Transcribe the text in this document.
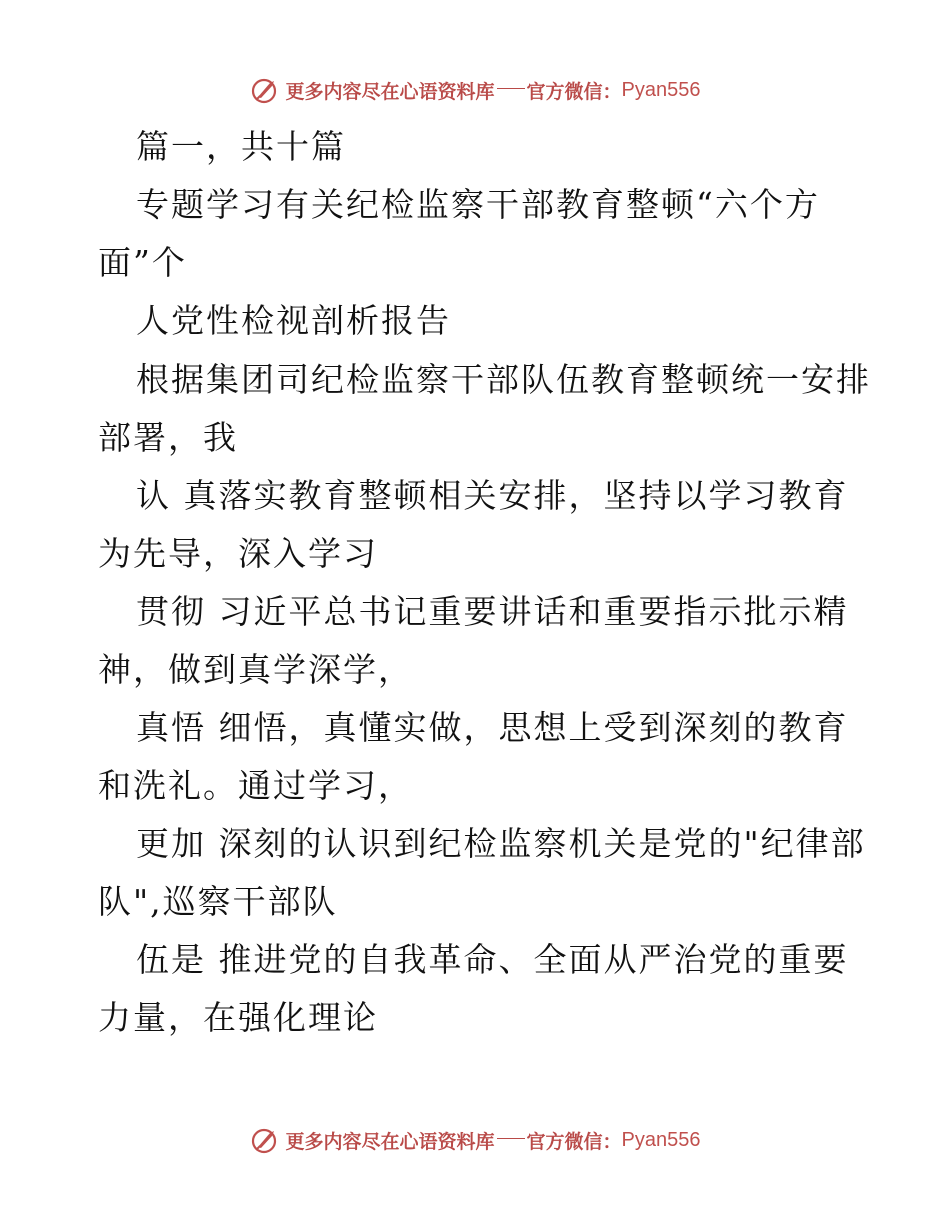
更多内容尽在心语资料库 官方微信： Pyan556
篇一，共十篇
专题学习有关纪检监察干部教育整顿“六个方
面”个
人党性检视剖析报告
根据集团司纪检监察干部队伍教育整顿统一安排
部署，我
认 真落实教育整顿相关安排，坚持以学习教育
为先导，深入学习
贯彻 习近平总书记重要讲话和重要指示批示精
神，做到真学深学，
真悟 细悟，真懂实做，思想上受到深刻的教育
和洗礼。通过学习，
更加 深刻的认识到纪检监察机关是党的"纪律部
队",巡察干部队
伍是 推进党的自我革命、全面从严治党的重要
力量，在强化理论
更多内容尽在心语资料库 官方微信： Pyan556
